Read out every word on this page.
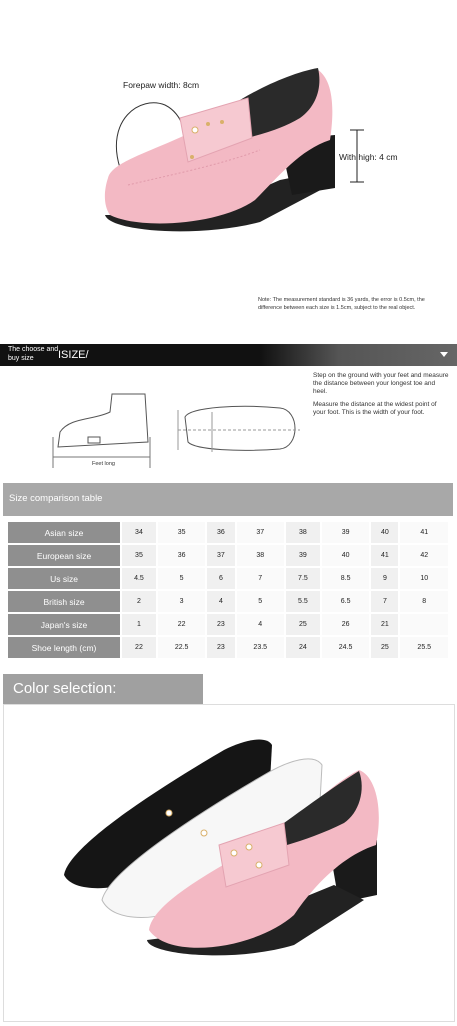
Forepaw width: 8cm
With high: 4 cm
Note: The measurement standard is 36 yards, the error is 0.5cm, the
difference between each size is 1.5cm, subject to the real object.
The choose and buy size	ISIZE/
Feet long
Step on the ground with your feet and measure the distance between your longest toe and heel.
Measure the distance at the widest point of your foot. This is the width of your foot.
Size comparison table
Asian size	34	35	36	37	38	39	40	41
European size	35	36	37	38	39	40	41	42
Us size	4.5	5	6	7	7.5	8.5	9	10
British size	2	3	4	5	5.5	6.5	7	8
Japan's size	1	22	23	4	25	26	21	
Shoe length (cm)	22	22.5	23	23.5	24	24.5	25	25.5
Color selection:
